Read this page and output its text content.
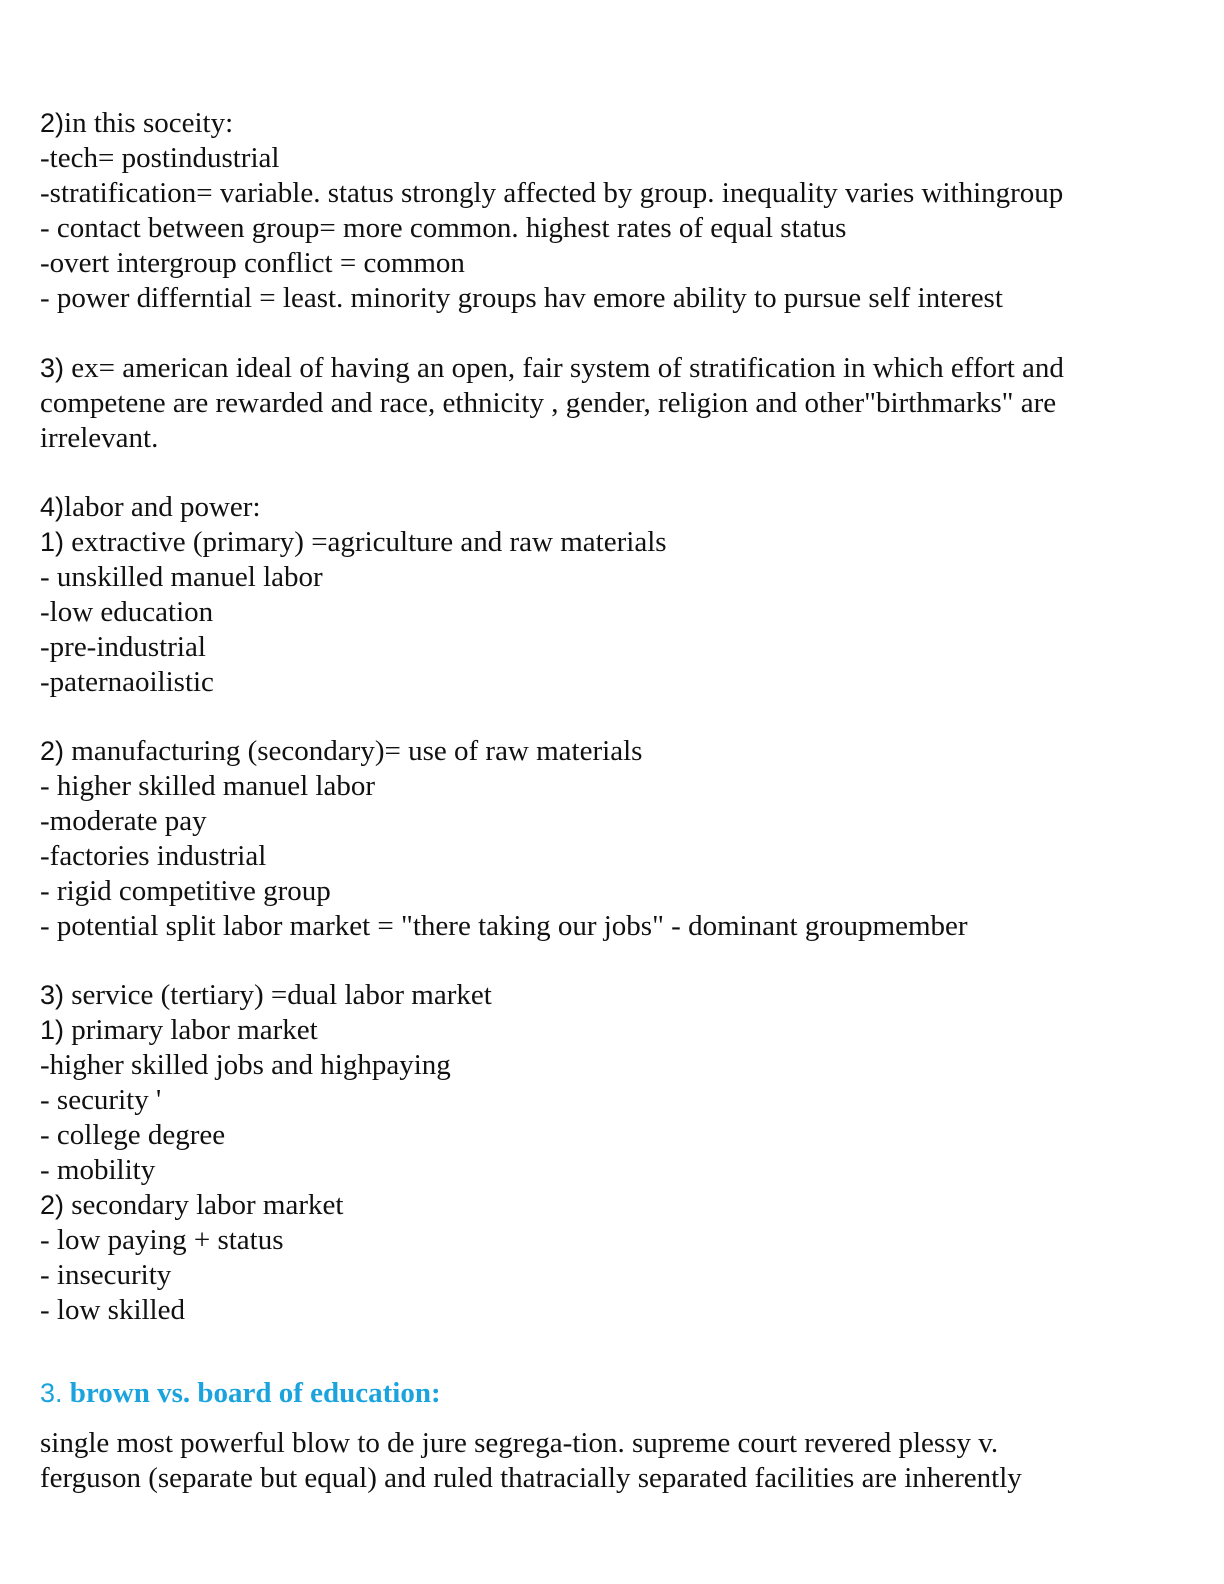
2)in this soceity:
-tech= postindustrial
-stratification= variable. status strongly affected by group. inequality varies withingroup
- contact between group= more common. highest rates of equal status
-overt intergroup conflict = common
- power differntial = least. minority groups hav emore ability to pursue self interest
3) ex= american ideal of having an open, fair system of stratification in which effort and
competene are rewarded and race, ethnicity , gender, religion and other"birthmarks" are
irrelevant.
4)labor and power:
1) extractive (primary) =agriculture and raw materials
- unskilled manuel labor
-low education
-pre-industrial
-paternaoilistic
2) manufacturing (secondary)= use of raw materials
- higher skilled manuel labor
-moderate pay
-factories industrial
- rigid competitive group
- potential split labor market = "there taking our jobs" - dominant groupmember
3) service (tertiary) =dual labor market
1) primary labor market
-higher skilled jobs and highpaying
- security '
- college degree
- mobility
2) secondary labor market
- low paying + status
- insecurity
- low skilled
3. brown vs. board of education:
single most powerful blow to de jure segrega-tion. supreme court revered plessy v.
ferguson (separate but equal) and ruled thatracially separated facilities are inherently
